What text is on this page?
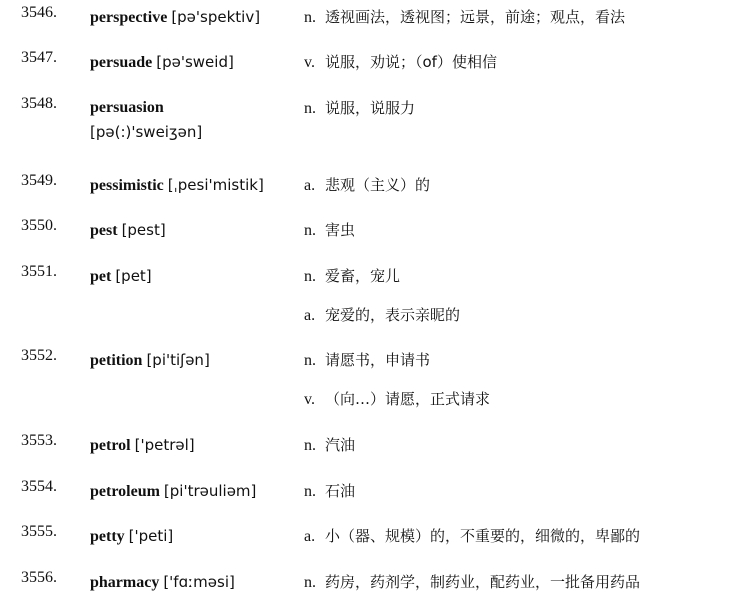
3546. perspective [pə'spektiv]	n. 透视画法，透视图；远景，前途；观点，看法
3547. persuade [pə'sweid]	v. 说服，劝说；（of）使相信
3548. persuasion [pə(:)'sweiʒən]
n. 说服，说服力
3549. pessimistic [ˌpesi'mistik]	a. 悲观（主义）的
3550. pest [pest]	n. 害虫
3551. pet [pet]	n. 爱畜，宠儿
a. 宠爱的，表示亲昵的
3552. petition [pi'tiʃən]	n. 请愿书，申请书
v. （向…）请愿，正式请求
3553. petrol ['petrəl]	n. 汽油
3554. petroleum [pi'trəuliəm]	n. 石油
3555. petty ['peti]	a. 小（器、规模）的，不重要的，细微的，卑鄙的
3556. pharmacy ['fɑːməsi]	n. 药房，药剂学，制药业，配药业，一批备用药品
